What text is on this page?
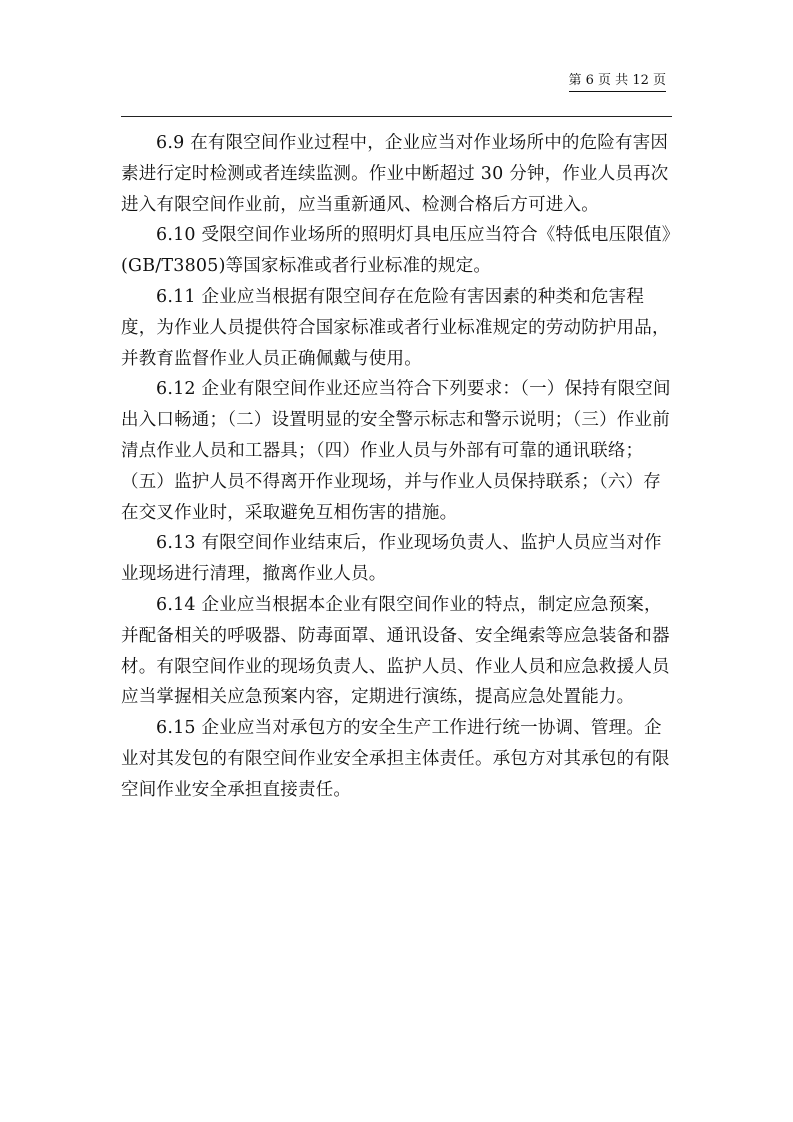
第 6 页 共 12 页

6.9 在有限空间作业过程中，企业应当对作业场所中的危险有害因素进行定时检测或者连续监测。作业中断超过 30 分钟，作业人员再次进入有限空间作业前，应当重新通风、检测合格后方可进入。

6.10 受限空间作业场所的照明灯具电压应当符合《特低电压限值》(GB/T3805)等国家标准或者行业标准的规定。

6.11 企业应当根据有限空间存在危险有害因素的种类和危害程度，为作业人员提供符合国家标准或者行业标准规定的劳动防护用品，并教育监督作业人员正确佩戴与使用。

6.12 企业有限空间作业还应当符合下列要求：（一）保持有限空间出入口畅通；（二）设置明显的安全警示标志和警示说明；（三）作业前清点作业人员和工器具；（四）作业人员与外部有可靠的通讯联络；（五）监护人员不得离开作业现场，并与作业人员保持联系；（六）存在交叉作业时，采取避免互相伤害的措施。

6.13 有限空间作业结束后，作业现场负责人、监护人员应当对作业现场进行清理，撤离作业人员。

6.14 企业应当根据本企业有限空间作业的特点，制定应急预案，并配备相关的呼吸器、防毒面罩、通讯设备、安全绳索等应急装备和器材。有限空间作业的现场负责人、监护人员、作业人员和应急救援人员应当掌握相关应急预案内容，定期进行演练，提高应急处置能力。

6.15 企业应当对承包方的安全生产工作进行统一协调、管理。企业对其发包的有限空间作业安全承担主体责任。承包方对其承包的有限空间作业安全承担直接责任。
